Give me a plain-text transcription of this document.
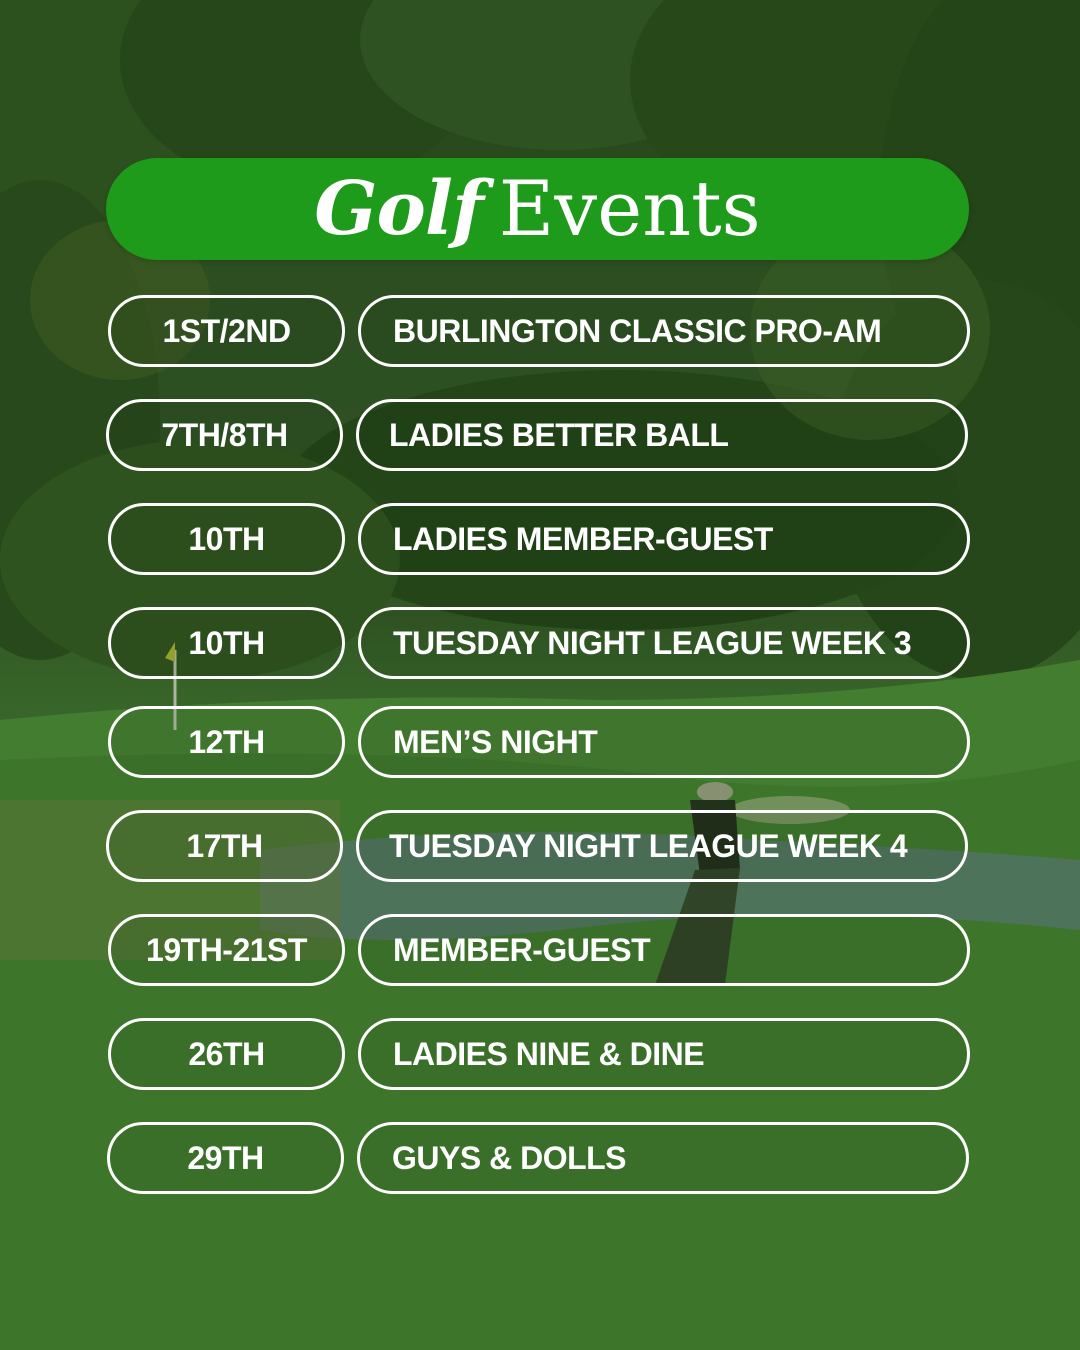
Golf Events
1ST/2ND	BURLINGTON CLASSIC PRO-AM
7TH/8TH	LADIES BETTER BALL
10TH	LADIES MEMBER-GUEST
10TH	TUESDAY NIGHT LEAGUE WEEK 3
12TH	MEN’S NIGHT
17TH	TUESDAY NIGHT LEAGUE WEEK 4
19TH-21ST	MEMBER-GUEST
26TH	LADIES NINE & DINE
29TH	GUYS & DOLLS
